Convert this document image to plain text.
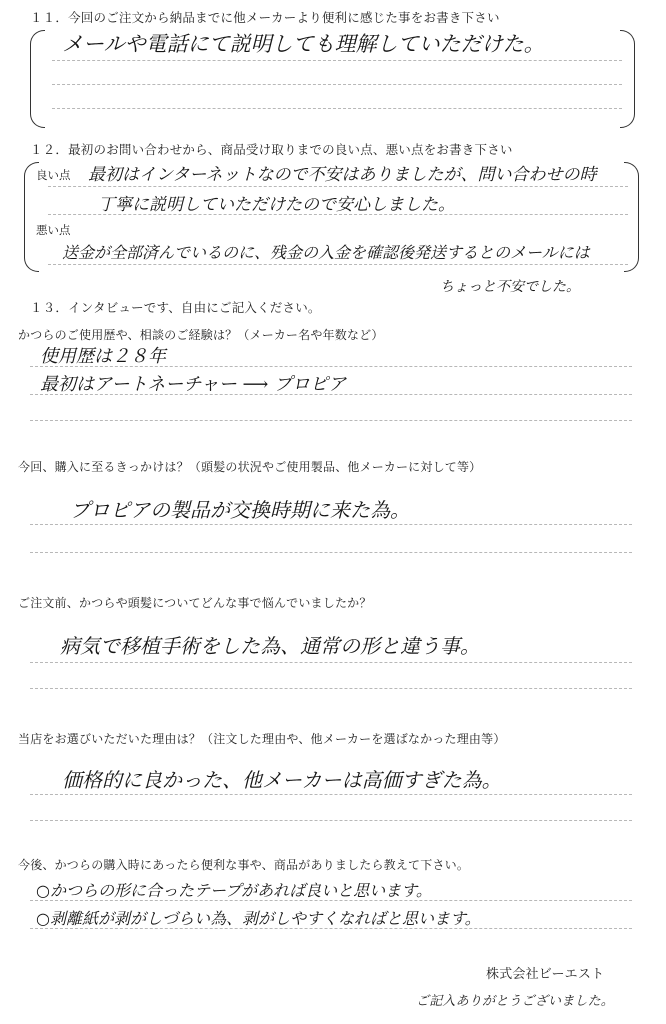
１１．今回のご注文から納品までに他メーカーより便利に感じた事をお書き下さい
メールや電話にて説明しても理解していただけた。
１２．最初のお問い合わせから、商品受け取りまでの良い点、悪い点をお書き下さい
良い点 最初はインターネットなので不安はありましたが、問い合わせの時
丁寧に説明していただけたので安心しました。
悪い点
送金が全部済んでいるのに、残金の入金を確認後発送するとのメールには
ちょっと不安でした。
１３．インタビューです、自由にご記入ください。
かつらのご使用歴や、相談のご経験は？（メーカー名や年数など）
使用歴は２８年
最初はアートネーチャー ⟶ プロピア
今回、購入に至るきっかけは？（頭髪の状況やご使用製品、他メーカーに対して等）
プロピアの製品が交換時期に来た為。
ご注文前、かつらや頭髪についてどんな事で悩んでいましたか？
病気で移植手術をした為、通常の形と違う事。
当店をお選びいただいた理由は？（注文した理由や、他メーカーを選ばなかった理由等）
価格的に良かった、他メーカーは高価すぎた為。
今後、かつらの購入時にあったら便利な事や、商品がありましたら教えて下さい。
○かつらの形に合ったテープがあれば良いと思います。
○剥離紙が剥がしづらい為、剥がしやすくなればと思います。
株式会社ビーエスト
ご記入ありがとうございました。
